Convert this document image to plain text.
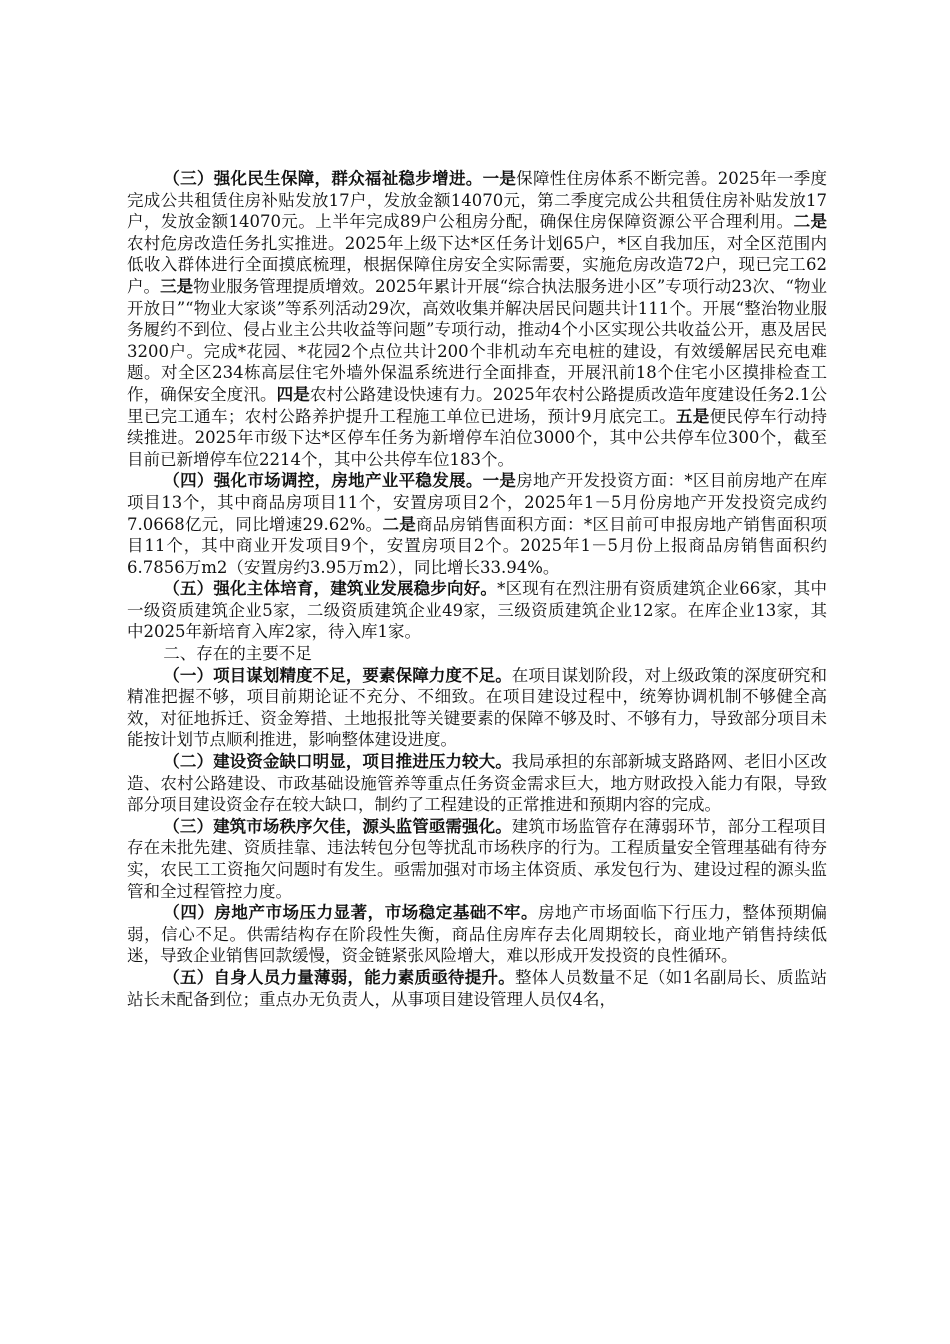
（三）强化民生保障，群众福祉稳步增进。一是保障性住房体系不断完善。2025年一季度完成公共租赁住房补贴发放17户，发放金额14070元，第二季度完成公共租赁住房补贴发放17户，发放金额14070元。上半年完成89户公租房分配，确保住房保障资源公平合理利用。二是农村危房改造任务扎实推进。2025年上级下达*区任务计划65户，*区自我加压，对全区范围内低收入群体进行全面摸底梳理，根据保障住房安全实际需要，实施危房改造72户，现已完工62户。三是物业服务管理提质增效。2025年累计开展“综合执法服务进小区”专项行动23次、“物业开放日”“物业大家谈”等系列活动29次，高效收集并解决居民问题共计111个。开展“整治物业服务履约不到位、侵占业主公共收益等问题”专项行动，推动4个小区实现公共收益公开，惠及居民3200户。完成*花园、*花园2个点位共计200个非机动车充电桩的建设，有效缓解居民充电难题。对全区234栋高层住宅外墙外保温系统进行全面排查，开展汛前18个住宅小区摸排检查工作，确保安全度汛。四是农村公路建设快速有力。2025年农村公路提质改造年度建设任务2.1公里已完工通车；农村公路养护提升工程施工单位已进场，预计9月底完工。五是便民停车行动持续推进。2025年市级下达*区停车任务为新增停车泊位3000个，其中公共停车位300个，截至目前已新增停车位2214个，其中公共停车位183个。

（四）强化市场调控，房地产业平稳发展。一是房地产开发投资方面：*区目前房地产在库项目13个，其中商品房项目11个，安置房项目2个，2025年1－5月份房地产开发投资完成约7.0668亿元，同比增速29.62%。二是商品房销售面积方面：*区目前可申报房地产销售面积项目11个，其中商业开发项目9个，安置房项目2个。2025年1－5月份上报商品房销售面积约6.7856万m2（安置房约3.95万m2），同比增长33.94%。

（五）强化主体培育，建筑业发展稳步向好。*区现有在烈注册有资质建筑企业66家，其中一级资质建筑企业5家，二级资质建筑企业49家，三级资质建筑企业12家。在库企业13家，其中2025年新培育入库2家，待入库1家。

二、存在的主要不足

（一）项目谋划精度不足，要素保障力度不足。在项目谋划阶段，对上级政策的深度研究和精准把握不够，项目前期论证不充分、不细致。在项目建设过程中，统筹协调机制不够健全高效，对征地拆迁、资金筹措、土地报批等关键要素的保障不够及时、不够有力，导致部分项目未能按计划节点顺利推进，影响整体建设进度。

（二）建设资金缺口明显，项目推进压力较大。我局承担的东部新城支路路网、老旧小区改造、农村公路建设、市政基础设施管养等重点任务资金需求巨大，地方财政投入能力有限，导致部分项目建设资金存在较大缺口，制约了工程建设的正常推进和预期内容的完成。

（三）建筑市场秩序欠佳，源头监管亟需强化。建筑市场监管存在薄弱环节，部分工程项目存在未批先建、资质挂靠、违法转包分包等扰乱市场秩序的行为。工程质量安全管理基础有待夯实，农民工工资拖欠问题时有发生。亟需加强对市场主体资质、承发包行为、建设过程的源头监管和全过程管控力度。

（四）房地产市场压力显著，市场稳定基础不牢。房地产市场面临下行压力，整体预期偏弱，信心不足。供需结构存在阶段性失衡，商品住房库存去化周期较长，商业地产销售持续低迷，导致企业销售回款缓慢，资金链紧张风险增大，难以形成开发投资的良性循环。

（五）自身人员力量薄弱，能力素质亟待提升。整体人员数量不足（如1名副局长、质监站站长未配备到位；重点办无负责人，从事项目建设管理人员仅4名，
